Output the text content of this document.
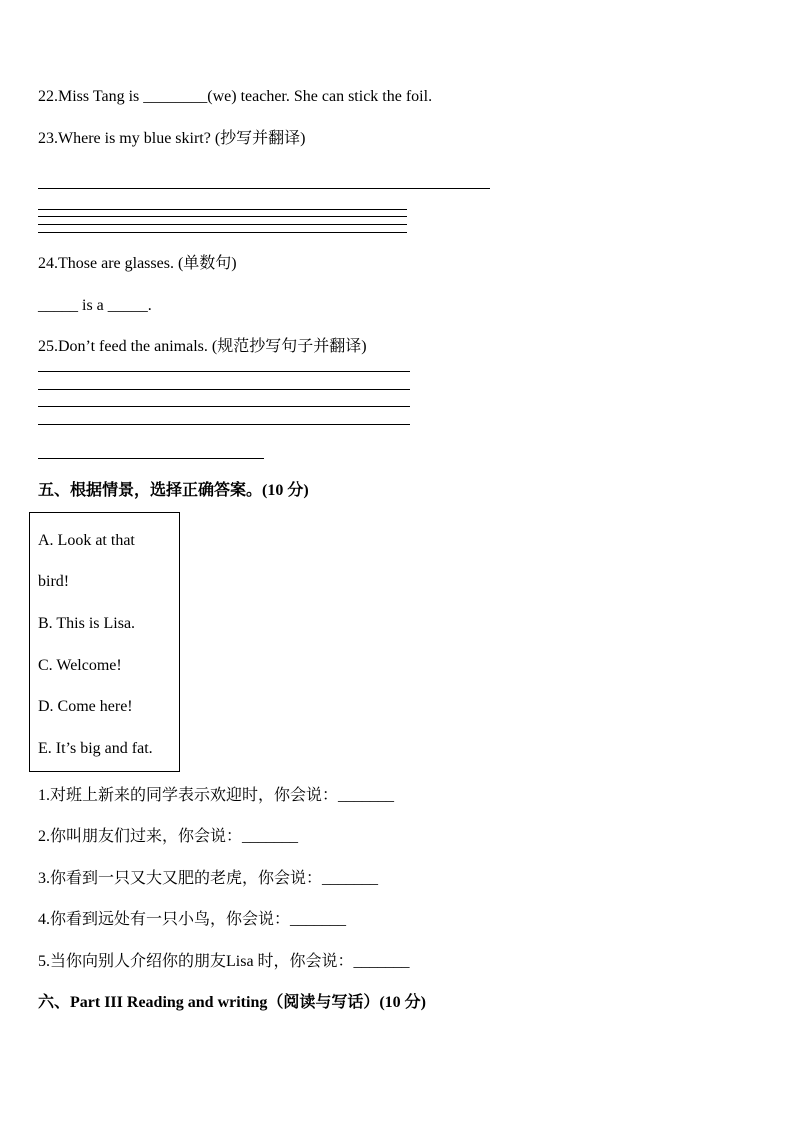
22.Miss Tang is ________(we) teacher. She can stick the foil.
23.Where is my blue skirt? (抄写并翻译)
24.Those are glasses. (单数句)
_____ is a _____.
25.Don’t feed the animals. (规范抄写句子并翻译)
五、根据情景，选择正确答案。(10 分)
A. Look at that
bird!
B. This is Lisa.
C. Welcome!
D. Come here!
E. It’s big and fat.
1.对班上新来的同学表示欢迎时，你会说：_______
2.你叫朋友们过来，你会说：_______
3.你看到一只又大又肥的老虎，你会说：_______
4.你看到远处有一只小鸟，你会说：_______
5.当你向别人介绍你的朋友Lisa 时，你会说：_______
六、Part III Reading and writing（阅读与写话）(10 分)
